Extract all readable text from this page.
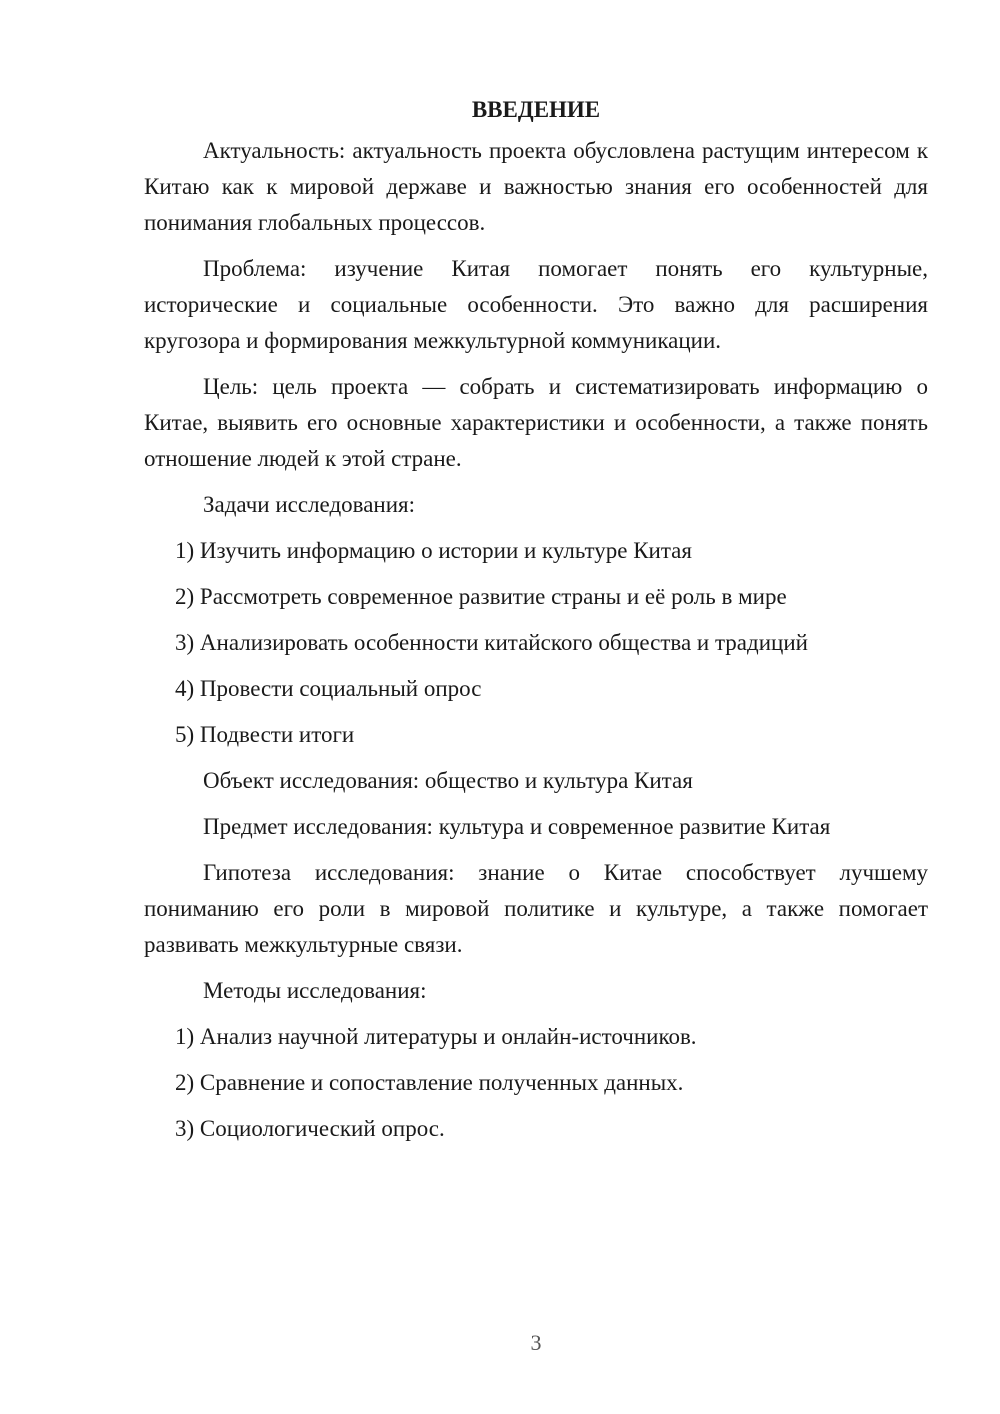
ВВЕДЕНИЕ
Актуальность: актуальность проекта обусловлена растущим интересом к Китаю как к мировой державе и важностью знания его особенностей для понимания глобальных процессов.
Проблема: изучение Китая помогает понять его культурные, исторические и социальные особенности. Это важно для расширения кругозора и формирования межкультурной коммуникации.
Цель: цель проекта — собрать и систематизировать информацию о Китае, выявить его основные характеристики и особенности, а также понять отношение людей к этой стране.
Задачи исследования:
1) Изучить информацию о истории и культуре Китая
2) Рассмотреть современное развитие страны и её роль в мире
3) Анализировать особенности китайского общества и традиций
4) Провести социальный опрос
5) Подвести итоги
Объект исследования: общество и культура Китая
Предмет исследования: культура и современное развитие Китая
Гипотеза исследования: знание о Китае способствует лучшему пониманию его роли в мировой политике и культуре, а также помогает развивать межкультурные связи.
Методы исследования:
1) Анализ научной литературы и онлайн-источников.
2) Сравнение и сопоставление полученных данных.
3) Социологический опрос.
3
